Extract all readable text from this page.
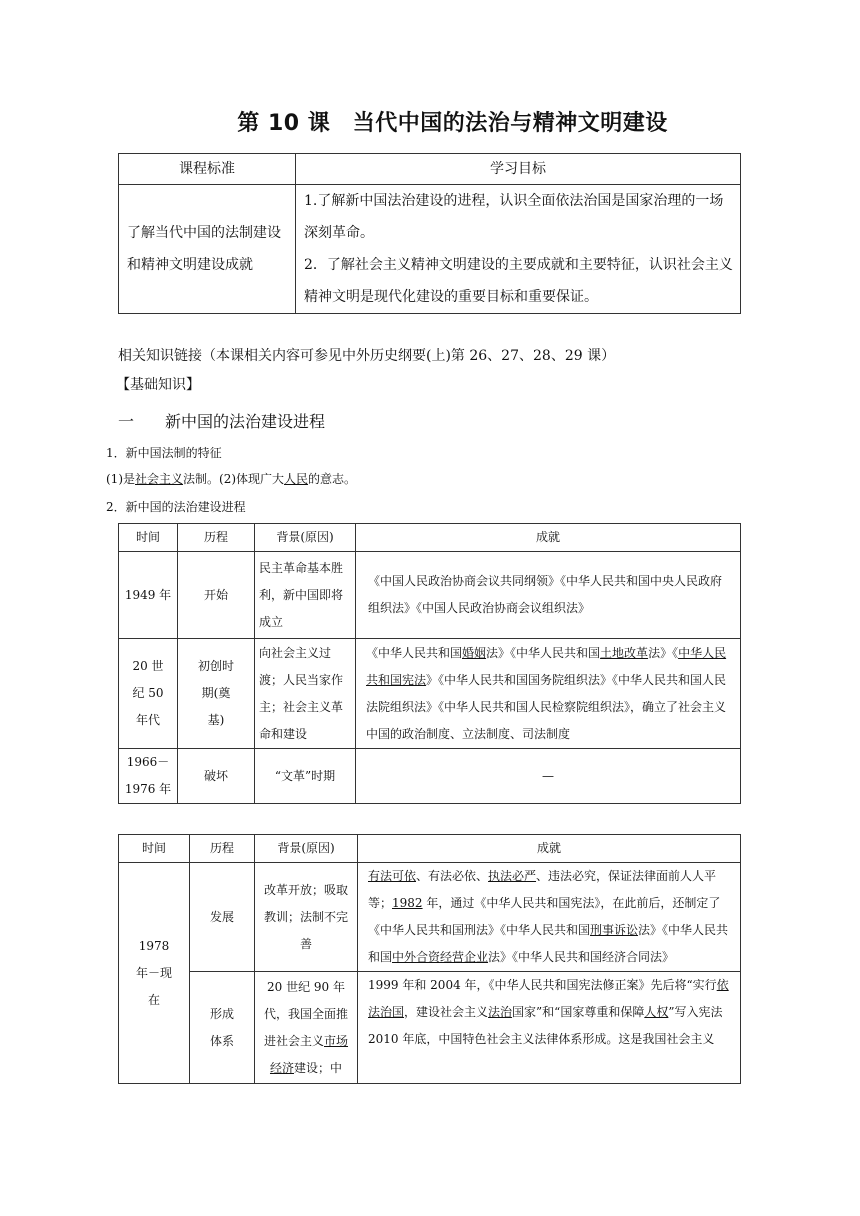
第 10 课　当代中国的法治与精神文明建设
课程标准	学习目标
了解当代中国的法制建设和精神文明建设成就	1.了解新中国法治建设的进程，认识全面依法治国是国家治理的一场深刻革命。
2．了解社会主义精神文明建设的主要成就和主要特征，认识社会主义精神文明是现代化建设的重要目标和重要保证。
相关知识链接（本课相关内容可参见中外历史纲要(上)第 26、27、28、29 课）
【基础知识】
一 新中国的法治建设进程
1．新中国法制的特征
(1)是社会主义法制。(2)体现广大人民的意志。
2．新中国的法治建设进程
时间	历程	背景(原因)	成就
1949 年	开始	民主革命基本胜利，新中国即将成立	《中国人民政治协商会议共同纲领》《中华人民共和国中央人民政府组织法》《中国人民政治协商会议组织法》
20 世纪 50 年代	初创时期(奠基)	向社会主义过渡；人民当家作主；社会主义革命和建设	《中华人民共和国婚姻法》《中华人民共和国土地改革法》《中华人民共和国宪法》《中华人民共和国国务院组织法》《中华人民共和国人民法院组织法》《中华人民共和国人民检察院组织法》，确立了社会主义中国的政治制度、立法制度、司法制度
1966－1976 年	破坏	“文革”时期	—
时间	历程	背景(原因)	成就
1978 年－现在	发展	改革开放；吸取教训；法制不完善	有法可依、有法必依、执法必严、违法必究，保证法律面前人人平等；1982 年，通过《中华人民共和国宪法》，在此前后，还制定了《中华人民共和国刑法》《中华人民共和国刑事诉讼法》《中华人民共和国中外合资经营企业法》《中华人民共和国经济合同法》
	形成体系	20 世纪 90 年代，我国全面推进社会主义市场经济建设；中	1999 年和 2004 年，《中华人民共和国宪法修正案》先后将“实行依法治国，建设社会主义法治国家”和“国家尊重和保障人权”写入宪法
2010 年底，中国特色社会主义法律体系形成。这是我国社会主义
